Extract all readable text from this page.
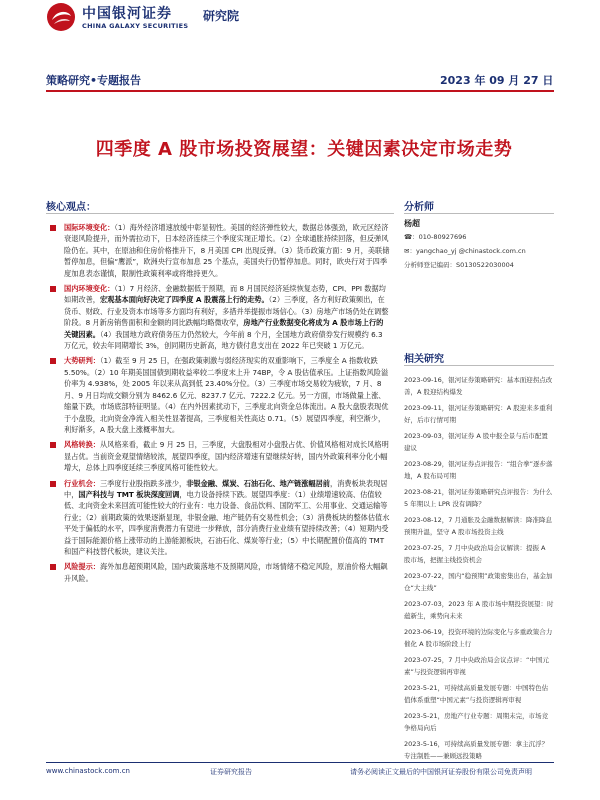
中国银河证券
CHINA GALAXY SECURITIES
研究院
策略研究•专题报告	2023 年 09 月 27 日
四季度 A 股市场投资展望：关键因素决定市场走势
核心观点：
国际环境变化：（1）海外经济增速放缓中彰显韧性。美国的经济弹性较大，数据总体强劲，欧元区经济衰退风险提升，而外需拉动下，日本经济连续三个季度实现正增长。（2）全球通胀持续回落，但反弹风险仍在。其中，在原油和住房价格推升下，8 月美国 CPI 出现反弹。（3）货币政策方面：9 月，美联储暂停加息，但偏“鹰派”，欧洲央行宣布加息 25 个基点，美国央行仍暂停加息。同时，欧央行对于四季度加息表态谨慎，限制性政策利率或将维持更久。
国内环境变化：（1）7 月经济、金融数据低于预期，而 8 月国民经济延续恢复态势，CPI、PPI 数据均如期改善，宏观基本面向好决定了四季度 A 股震荡上行的走势。（2）三季度，各方利好政策频出，在货币、财政、行业及资本市场等多方面均有利好，多措并举提振市场信心。（3）房地产市场仍处在调整阶段。8 月新房销售面积和金额的同比跌幅均略微收窄，房地产行业数据变化将成为 A 股市场上行的关键因素。（4）我国地方政府债务压力仍然较大，今年前 8 个月，全国地方政府债券发行规模约 6.3 万亿元，较去年同期增长 3%，创同期历史新高，地方债付息支出在 2022 年已突破 1 万亿元。
大势研判：（1）截至 9 月 25 日，在强政策刺激与弱经济现实的双重影响下，三季度全 A 指数收跌 5.50%。（2）10 年期美国国债到期收益率较二季度末上升 74BP，令 A 股估值承压。上证指数风险溢价率为 4.938%，处 2005 年以来从高到低 23.40%分位。（3）三季度市场交易较为疲软，7 月、8 月、9 月日均成交额分别为 8462.6 亿元、8237.7 亿元、7222.2 亿元。另一方面，市场做量上涨、缩量下跌，市场底部特征明显。（4）在内外因素扰动下，三季度北向资金总体流出。A 股大盘股表现优于小盘股，北向资金净流入相关性显著提高，三季度相关性高达 0.71。（5）展望四季度，利空渐少，利好渐多，A 股大盘上涨概率加大。
风格转换：从风格来看，截止 9 月 25 日，三季度，大盘股相对小盘股占优、价值风格相对成长风格明显占优。当前资金观望情绪较浓，展望四季度，国内经济增速有望继续好转，国内外政策利率分化小幅增大，总体上四季度延续三季度风格可能性较大。
行业机会：三季度行业股指跌多涨少，非银金融、煤炭、石油石化、地产链涨幅居前，消费板块表现居中，国产科技与 TMT 板块深度回调，电力设备持续下跌。展望四季度：（1）业绩增速较高、估值较低、北向资金未来回流可能性较大的行业有：电力设备、食品饮料、国防军工、公用事业、交通运输等行业；（2）前期政策的效果逐渐显现，非银金融、地产链仍有交易性机会；（3）消费板块的整体估值水平处于偏低的水平，四季度消费潜力有望进一步释放，部分消费行业业绩有望持续改善；（4）短期内受益于国际能源价格上涨带动的上游能源板块，石油石化、煤炭等行业；（5）中长期配置价值高的 TMT 和国产科技替代板块，建议关注。
风险提示：海外加息超预期风险，国内政策落地不及预期风险，市场情绪不稳定风险，原油价格大幅飙升风险。
分析师
杨超
☎：010-80927696
✉：yangchao_yj @chinastock.com.cn
分析师登记编码：S0130522030004
相关研究
2023-09-16，银河证券策略研究：基本面迎拐点改善，A 股迎结构爆发
2023-09-11，银河证券策略研究：A 股迎来多重利好，后市行情可期
2023-09-03，银河证券 A 股中报全景与后市配置建议
2023-08-29，银河证券点评报告：“组合拳”逐步落地，A 股布局可期
2023-08-21，银河证券策略研究点评报告：为什么 5 年期以上 LPR 没有调降？
2023-08-12，7 月通胀及金融数据解读：降准降息预期升温，坚守 A 股市场投资主线
2023-07-25，7 月中央政治局会议解读：提振 A 股市场，把握主线投资机会
2023-07-22，国内“稳预期”政策密集出台，基金加仓“大主线”
2023-07-03，2023 年 A 股市场中期投资展望：时蕴新生，乘势向未来
2023-06-19，投资环境的边际变化与多重政策合力催化 A 股市场阶段上行
2023-07-25，7 月中央政治局会议点评：“中国元素”与投资逻辑再审视
2023-5-21，可持续高质量发展专题：中国特色估值体系重塑“中国元素”与投资逻辑再审视
2023-5-21，房地产行业专题：周期未完，市场竞争格局向后
2023-5-16，可持续高质量发展专题：拿主沉浮？专注制胜——兼顾远投策略
www.chinastock.com.cn	证券研究报告	请务必阅读正文最后的中国银河证券股份有限公司免责声明
